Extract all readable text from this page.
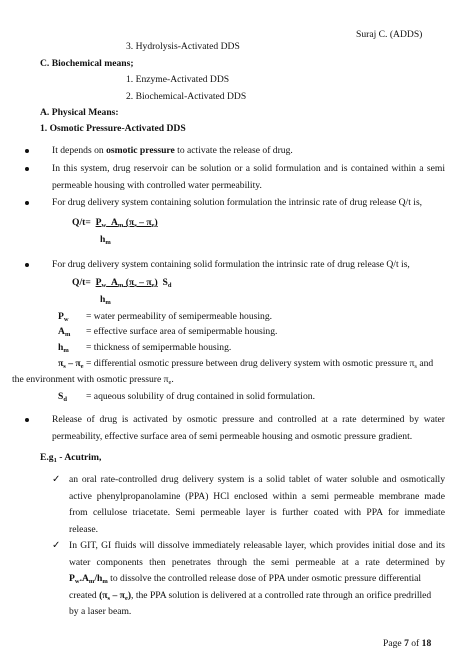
Suraj C. (ADDS)
3. Hydrolysis-Activated DDS
C. Biochemical means;
1. Enzyme-Activated DDS
2. Biochemical-Activated DDS
A. Physical Means:
1. Osmotic Pressure-Activated DDS
It depends on osmotic pressure to activate the release of drug.
In this system, drug reservoir can be solution or a solid formulation and is contained within a semi
permeable housing with controlled water permeability.
For drug delivery system containing solution formulation the intrinsic rate of drug release Q/t is,
$Q/t= P_w$ $A_m$ $(\pi_s - \pi_e)$
$h_m$
For drug delivery system containing solid formulation the intrinsic rate of drug release Q/t is,
$Q/t= P_w$ $A_m$ $(\pi_s - \pi_e)$ $S_d$
$h_m$
$P_w$ = water permeability of semipermeable housing.
$A_m$ = effective surface area of semipermable housing.
$h_m$ = thickness of semipermable housing.
$\pi_s - \pi_e$ = differential osmotic pressure between drug delivery system with osmotic pressure $\pi_s$ and
the environment with osmotic pressure $\pi_e$.
$S_d$ = aqueous solubility of drug contained in solid formulation.
Release of drug is activated by osmotic pressure and controlled at a rate determined by water
permeability, effective surface area of semi permeable housing and osmotic pressure gradient.
$E.g_1$ - Acutrim,
✓ an oral rate-controlled drug delivery system is a solid tablet of water soluble and osmotically
active phenylpropanolamine (PPA) HCl enclosed within a semi permeable membrane made
from cellulose triacetate. Semi permeable layer is further coated with PPA for immediate
release.
✓ In GIT, GI fluids will dissolve immediately releasable layer, which provides initial dose and its
water components then penetrates through the semi permeable at a rate determined by
$P_w.A_m/h_m$ to dissolve the controlled release dose of PPA under osmotic pressure differential
created $(\pi_s - \pi_e)$, the PPA solution is delivered at a controlled rate through an orifice predrilled
by a laser beam.
Page 7 of 18
